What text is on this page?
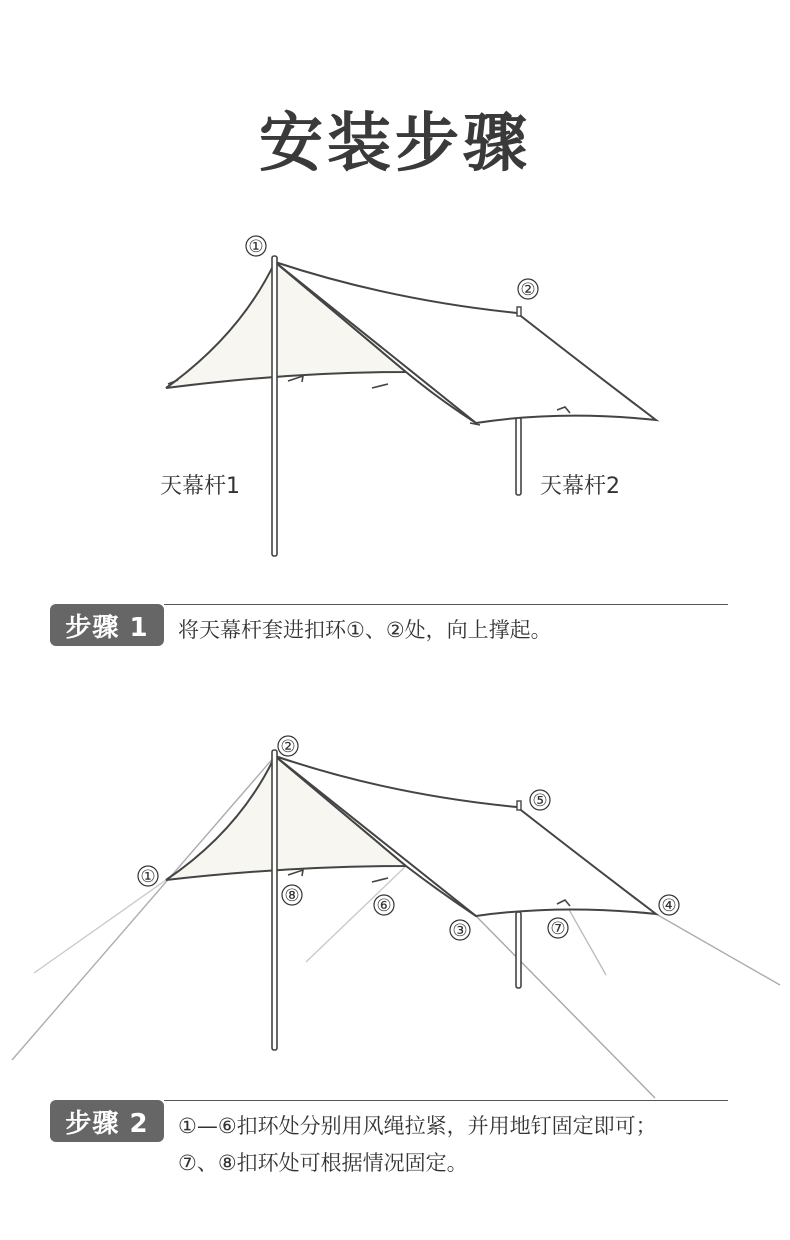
安装步骤
①
②
天幕杆1	天幕杆2
步骤 1	将天幕杆套进扣环①、②处，向上撑起。
①
②
③
④
⑤
⑥
⑦
⑧
步骤 2	①—⑥扣环处分别用风绳拉紧，并用地钉固定即可；
⑦、⑧扣环处可根据情况固定。
